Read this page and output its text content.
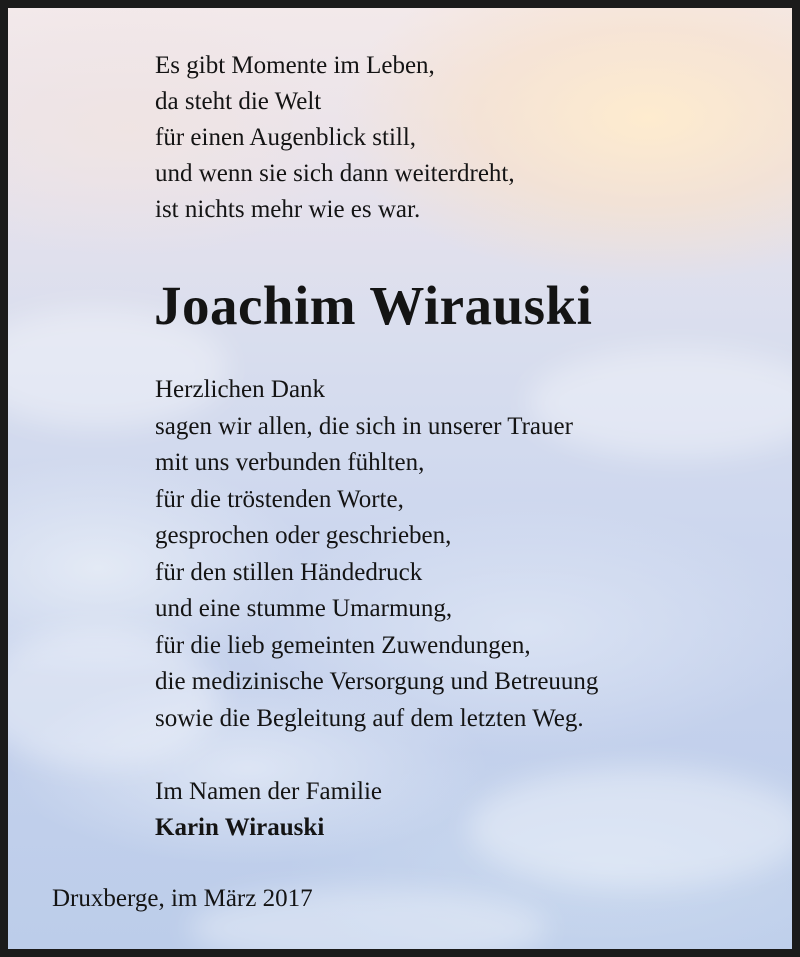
Es gibt Momente im Leben,
da steht die Welt
für einen Augenblick still,
und wenn sie sich dann weiterdreht,
ist nichts mehr wie es war.
Joachim Wirauski
Herzlichen Dank
sagen wir allen, die sich in unserer Trauer
mit uns verbunden fühlten,
für die tröstenden Worte,
gesprochen oder geschrieben,
für den stillen Händedruck
und eine stumme Umarmung,
für die lieb gemeinten Zuwendungen,
die medizinische Versorgung und Betreuung
sowie die Begleitung auf dem letzten Weg.
Im Namen der Familie
Karin Wirauski
Druxberge, im März 2017
